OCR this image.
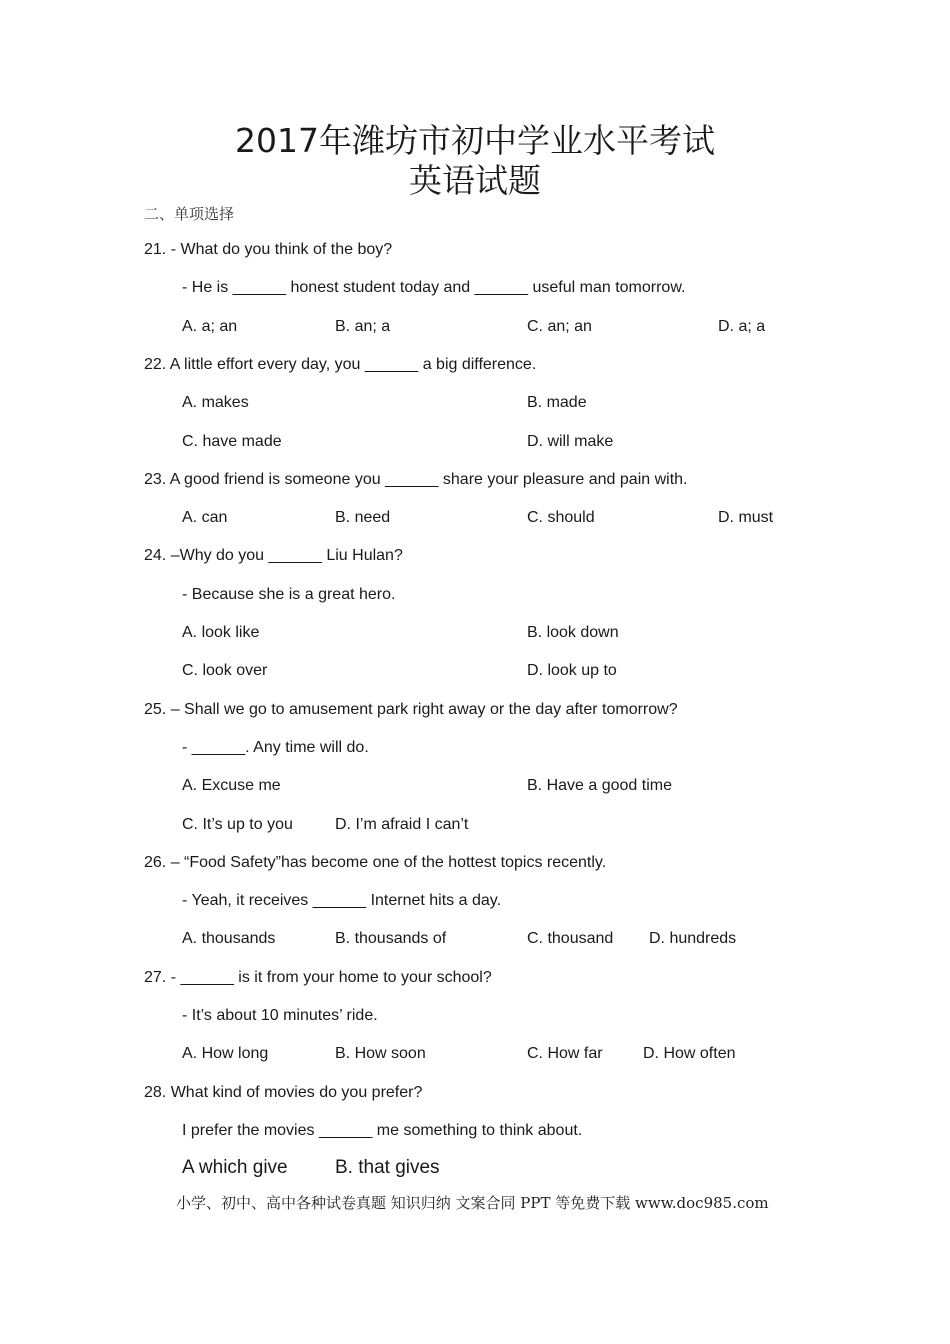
2017年潍坊市初中学业水平考试
英语试题
二、单项选择
21. - What do you think of the boy?
- He is ______ honest student today and ______ useful man tomorrow.
A. a; an	B. an; a	C. an; an	D. a; a
22. A little effort every day, you ______ a big difference.
A. makes	B. made
C. have made	D. will make
23. A good friend is someone you ______ share your pleasure and pain with.
A. can	B. need	C. should	D. must
24. –Why do you ______ Liu Hulan?
- Because she is a great hero.
A. look like	B. look down
C. look over	D. look up to
25. – Shall we go to amusement park right away or the day after tomorrow?
- ______. Any time will do.
A. Excuse me	B. Have a good time
C. It’s up to you	D. I’m afraid I can’t
26. – “Food Safety”has become one of the hottest topics recently.
- Yeah, it receives ______ Internet hits a day.
A. thousands	B. thousands of	C. thousand D. hundreds
27. - ______ is it from your home to your school?
- It’s about 10 minutes’ ride.
A. How long	B. How soon	C. How far	D. How often
28. What kind of movies do you prefer?
I prefer the movies ______ me something to think about.
A which give B. that gives
小学、初中、高中各种试卷真题 知识归纳 文案合同 PPT 等免费下载 www.doc985.com
